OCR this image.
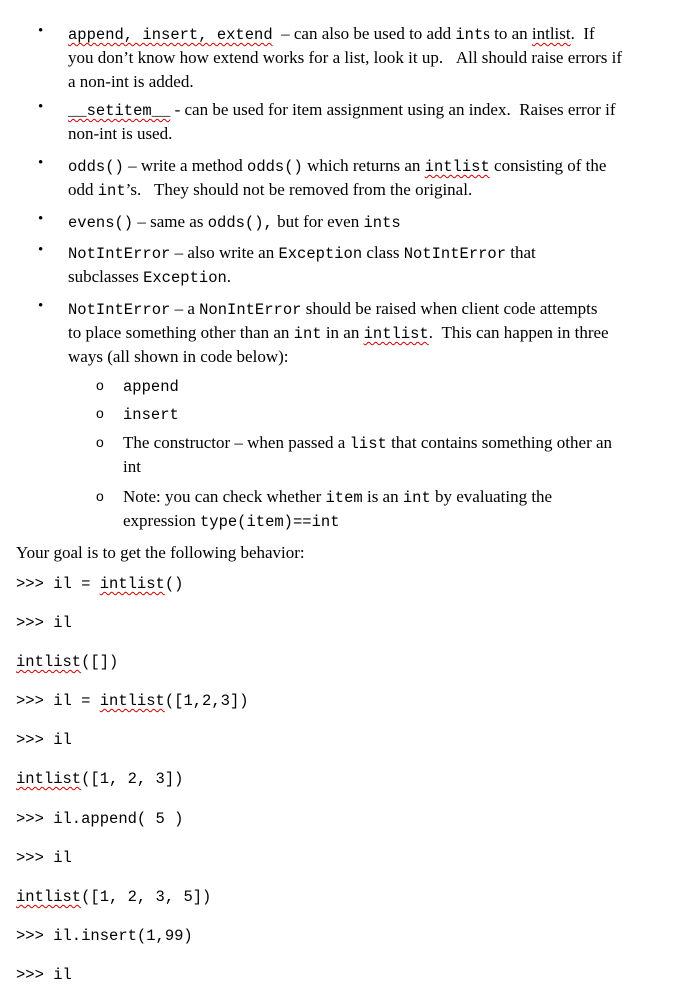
• append, insert, extend  – can also be used to add ints to an intlist.  If
you don’t know how extend works for a list, look it up.   All should raise errors if
a non-int is added.
• __setitem__ - can be used for item assignment using an index.  Raises error if
non-int is used.
• odds() – write a method odds() which returns an intlist consisting of the
odd int’s.   They should not be removed from the original.
• evens() – same as odds(), but for even ints
• NotIntError – also write an Exception class NotIntError that
subclasses Exception.
• NotIntError – a NonIntError should be raised when client code attempts
to place something other than an int in an intlist.  This can happen in three
ways (all shown in code below):
o append
o insert
o The constructor – when passed a list that contains something other an
int
o Note: you can check whether item is an int by evaluating the
expression type(item)==int
Your goal is to get the following behavior:
>>> il = intlist()
>>> il
intlist([])
>>> il = intlist([1,2,3])
>>> il
intlist([1, 2, 3])
>>> il.append( 5 )
>>> il
intlist([1, 2, 3, 5])
>>> il.insert(1,99)
>>> il
